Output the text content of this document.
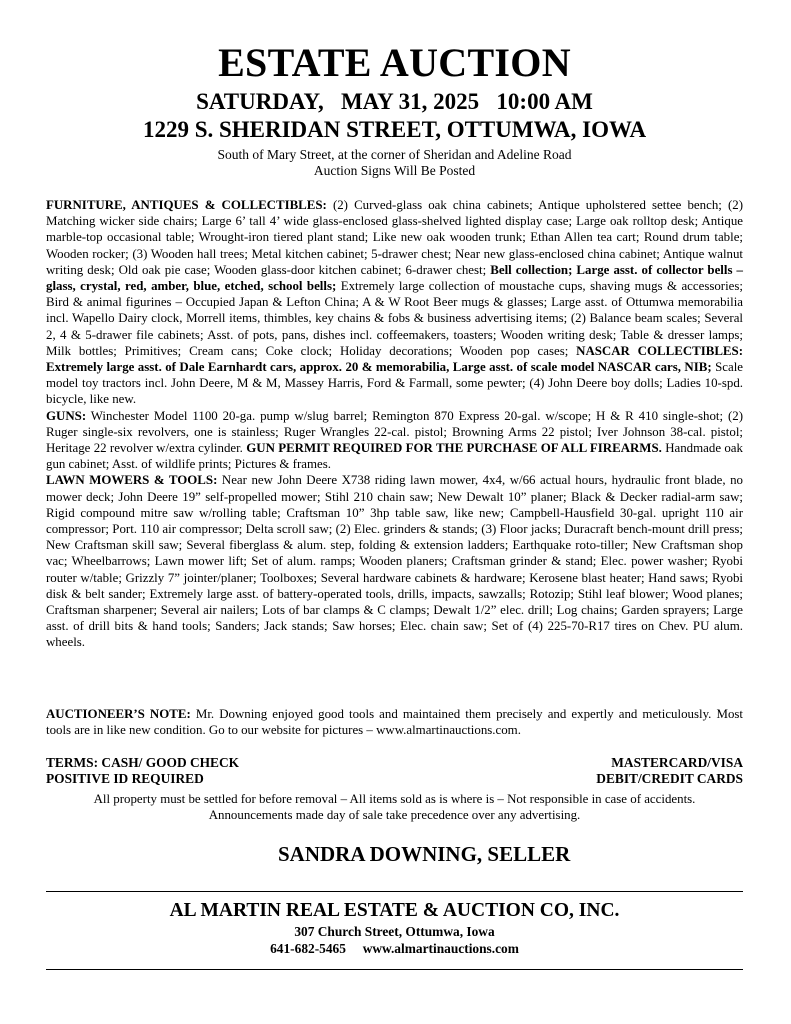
ESTATE AUCTION
SATURDAY,   MAY 31, 2025   10:00 AM
1229 S. SHERIDAN STREET, OTTUMWA, IOWA
South of Mary Street, at the corner of Sheridan and Adeline Road
Auction Signs Will Be Posted

FURNITURE, ANTIQUES & COLLECTIBLES: (2) Curved-glass oak china cabinets; Antique upholstered settee bench; (2) Matching wicker side chairs; Large 6’ tall 4’ wide glass-enclosed glass-shelved lighted display case; Large oak rolltop desk; Antique marble-top occasional table; Wrought-iron tiered plant stand; Like new oak wooden trunk; Ethan Allen tea cart; Round drum table; Wooden rocker; (3) Wooden hall trees; Metal kitchen cabinet; 5-drawer chest; Near new glass-enclosed china cabinet; Antique walnut writing desk; Old oak pie case; Wooden glass-door kitchen cabinet; 6-drawer chest; Bell collection; Large asst. of collector bells – glass, crystal, red, amber, blue, etched, school bells; Extremely large collection of moustache cups, shaving mugs & accessories; Bird & animal figurines – Occupied Japan & Lefton China; A & W Root Beer mugs & glasses; Large asst. of Ottumwa memorabilia incl. Wapello Dairy clock, Morrell items, thimbles, key chains & fobs & business advertising items; (2) Balance beam scales; Several 2, 4 & 5-drawer file cabinets; Asst. of pots, pans, dishes incl. coffeemakers, toasters; Wooden writing desk; Table & dresser lamps; Milk bottles; Primitives; Cream cans; Coke clock; Holiday decorations; Wooden pop cases; NASCAR COLLECTIBLES: Extremely large asst. of Dale Earnhardt cars, approx. 20 & memorabilia, Large asst. of scale model NASCAR cars, NIB; Scale model toy tractors incl. John Deere, M & M, Massey Harris, Ford & Farmall, some pewter; (4) John Deere boy dolls; Ladies 10-spd. bicycle, like new.

GUNS: Winchester Model 1100 20-ga. pump w/slug barrel; Remington 870 Express 20-gal. w/scope; H & R 410 single-shot; (2) Ruger single-six revolvers, one is stainless; Ruger Wrangles 22-cal. pistol; Browning Arms 22 pistol; Iver Johnson 38-cal. pistol; Heritage 22 revolver w/extra cylinder. GUN PERMIT REQUIRED FOR THE PURCHASE OF ALL FIREARMS. Handmade oak gun cabinet; Asst. of wildlife prints; Pictures & frames.

LAWN MOWERS & TOOLS: Near new John Deere X738 riding lawn mower, 4x4, w/66 actual hours, hydraulic front blade, no mower deck; John Deere 19” self-propelled mower; Stihl 210 chain saw; New Dewalt 10” planer; Black & Decker radial-arm saw; Rigid compound mitre saw w/rolling table; Craftsman 10” 3hp table saw, like new; Campbell-Hausfield 30-gal. upright 110 air compressor; Port. 110 air compressor; Delta scroll saw; (2) Elec. grinders & stands; (3) Floor jacks; Duracraft bench-mount drill press; New Craftsman skill saw; Several fiberglass & alum. step, folding & extension ladders; Earthquake roto-tiller; New Craftsman shop vac; Wheelbarrows; Lawn mower lift; Set of alum. ramps; Wooden planers; Craftsman grinder & stand; Elec. power washer; Ryobi router w/table; Grizzly 7” jointer/planer; Toolboxes; Several hardware cabinets & hardware; Kerosene blast heater; Hand saws; Ryobi disk & belt sander; Extremely large asst. of battery-operated tools, drills, impacts, sawzalls; Rotozip; Stihl leaf blower; Wood planes; Craftsman sharpener; Several air nailers; Lots of bar clamps & C clamps; Dewalt 1/2” elec. drill; Log chains; Garden sprayers; Large asst. of drill bits & hand tools; Sanders; Jack stands; Saw horses; Elec. chain saw; Set of (4) 225-70-R17 tires on Chev. PU alum. wheels.

AUCTIONEER’S NOTE: Mr. Downing enjoyed good tools and maintained them precisely and expertly and meticulously. Most tools are in like new condition. Go to our website for pictures – www.almartinauctions.com.

TERMS: CASH/ GOOD CHECK	MASTERCARD/VISA
POSITIVE ID REQUIRED	DEBIT/CREDIT CARDS
All property must be settled for before removal – All items sold as is where is – Not responsible in case of accidents.
Announcements made day of sale take precedence over any advertising.
SANDRA DOWNING, SELLER
AL MARTIN REAL ESTATE & AUCTION CO, INC.
307 Church Street, Ottumwa, Iowa
641-682-5465     www.almartinauctions.com
